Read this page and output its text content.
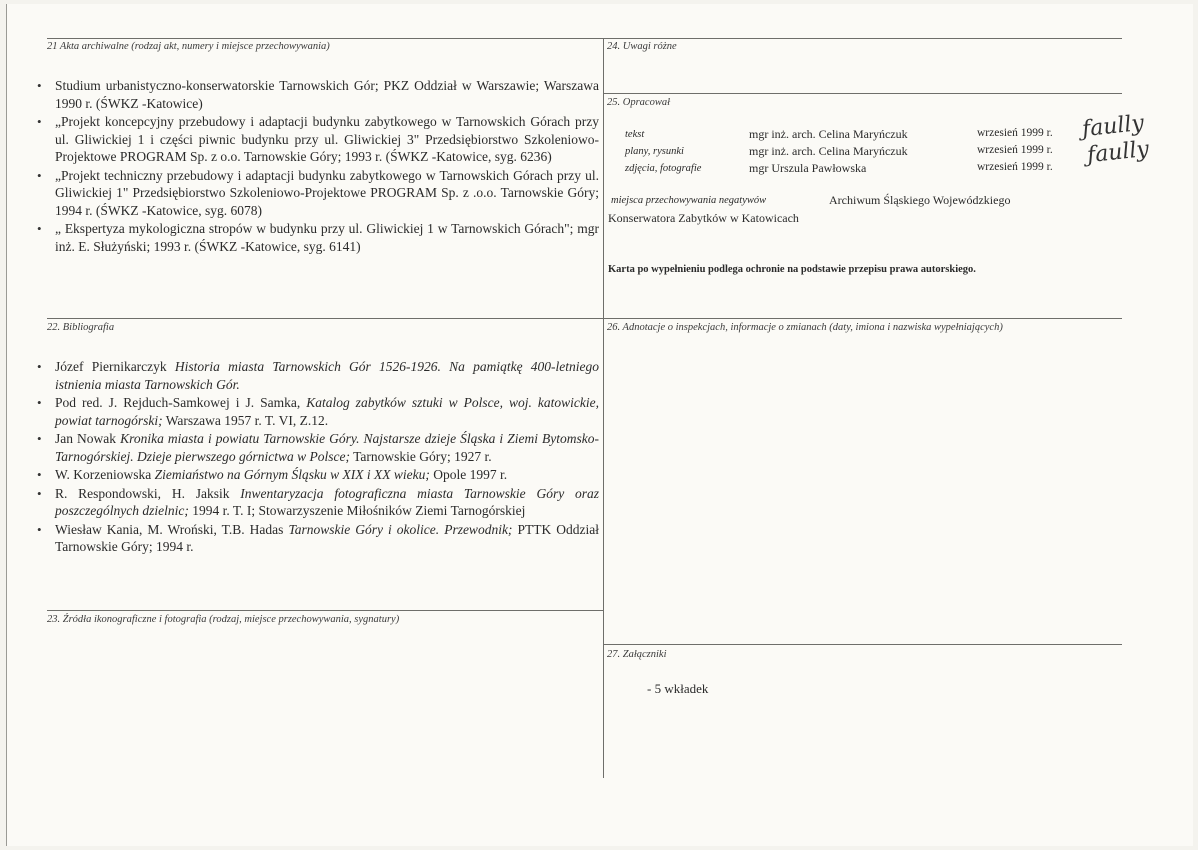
21 Akta archiwalne (rodzaj akt, numery i miejsce przechowywania)
• Studium urbanistyczno-konserwatorskie Tarnowskich Gór; PKZ Oddział w Warszawie; Warszawa 1990 r. (ŚWKZ -Katowice)
• „Projekt koncepcyjny przebudowy i adaptacji budynku zabytkowego w Tarnowskich Górach przy ul. Gliwickiej 1 i części piwnic budynku przy ul. Gliwickiej 3" Przedsiębiorstwo Szkoleniowo-Projektowe PROGRAM Sp. z o.o. Tarnowskie Góry; 1993 r. (ŚWKZ -Katowice, syg. 6236)
• „Projekt techniczny przebudowy i adaptacji budynku zabytkowego w Tarnowskich Górach przy ul. Gliwickiej 1" Przedsiębiorstwo Szkoleniowo-Projektowe PROGRAM Sp. z .o.o. Tarnowskie Góry; 1994 r. (ŚWKZ -Katowice, syg. 6078)
• „ Ekspertyza mykologiczna stropów w budynku przy ul. Gliwickiej 1 w Tarnowskich Górach"; mgr inż. E. Służyński; 1993 r. (ŚWKZ -Katowice, syg. 6141)
24. Uwagi różne
25. Opracował
tekst	mgr inż. arch. Celina Maryńczuk	wrzesień 1999 r.
plany, rysunki	mgr inż. arch. Celina Maryńczuk	wrzesień 1999 r.
zdjęcia, fotografie	mgr Urszula Pawłowska	wrzesień 1999 r.
ƒaully
ƒaully
miejsca przechowywania negatywów	Archiwum Śląskiego Wojewódzkiego
Konserwatora Zabytków w Katowicach
Karta po wypełnieniu podlega ochronie na podstawie przepisu prawa autorskiego.
22. Bibliografia
• Józef Piernikarczyk Historia miasta Tarnowskich Gór 1526-1926. Na pamiątkę 400-letniego istnienia miasta Tarnowskich Gór.
• Pod red. J. Rejduch-Samkowej i J. Samka, Katalog zabytków sztuki w Polsce, woj. katowickie, powiat tarnogórski; Warszawa 1957 r. T. VI, Z.12.
• Jan Nowak Kronika miasta i powiatu Tarnowskie Góry. Najstarsze dzieje Śląska i Ziemi Bytomsko-Tarnogórskiej. Dzieje pierwszego górnictwa w Polsce; Tarnowskie Góry; 1927 r.
• W. Korzeniowska Ziemiaństwo na Górnym Śląsku w XIX i XX wieku; Opole 1997 r.
• R. Respondowski, H. Jaksik Inwentaryzacja fotograficzna miasta Tarnowskie Góry oraz poszczególnych dzielnic; 1994 r. T. I; Stowarzyszenie Miłośników Ziemi Tarnogórskiej
• Wiesław Kania, M. Wroński, T.B. Hadas Tarnowskie Góry i okolice. Przewodnik; PTTK Oddział Tarnowskie Góry; 1994 r.
26. Adnotacje o inspekcjach, informacje o zmianach (daty, imiona i nazwiska wypełniających)
23. Źródła ikonograficzne i fotografia (rodzaj, miejsce przechowywania, sygnatury)
27. Załączniki
- 5 wkładek
